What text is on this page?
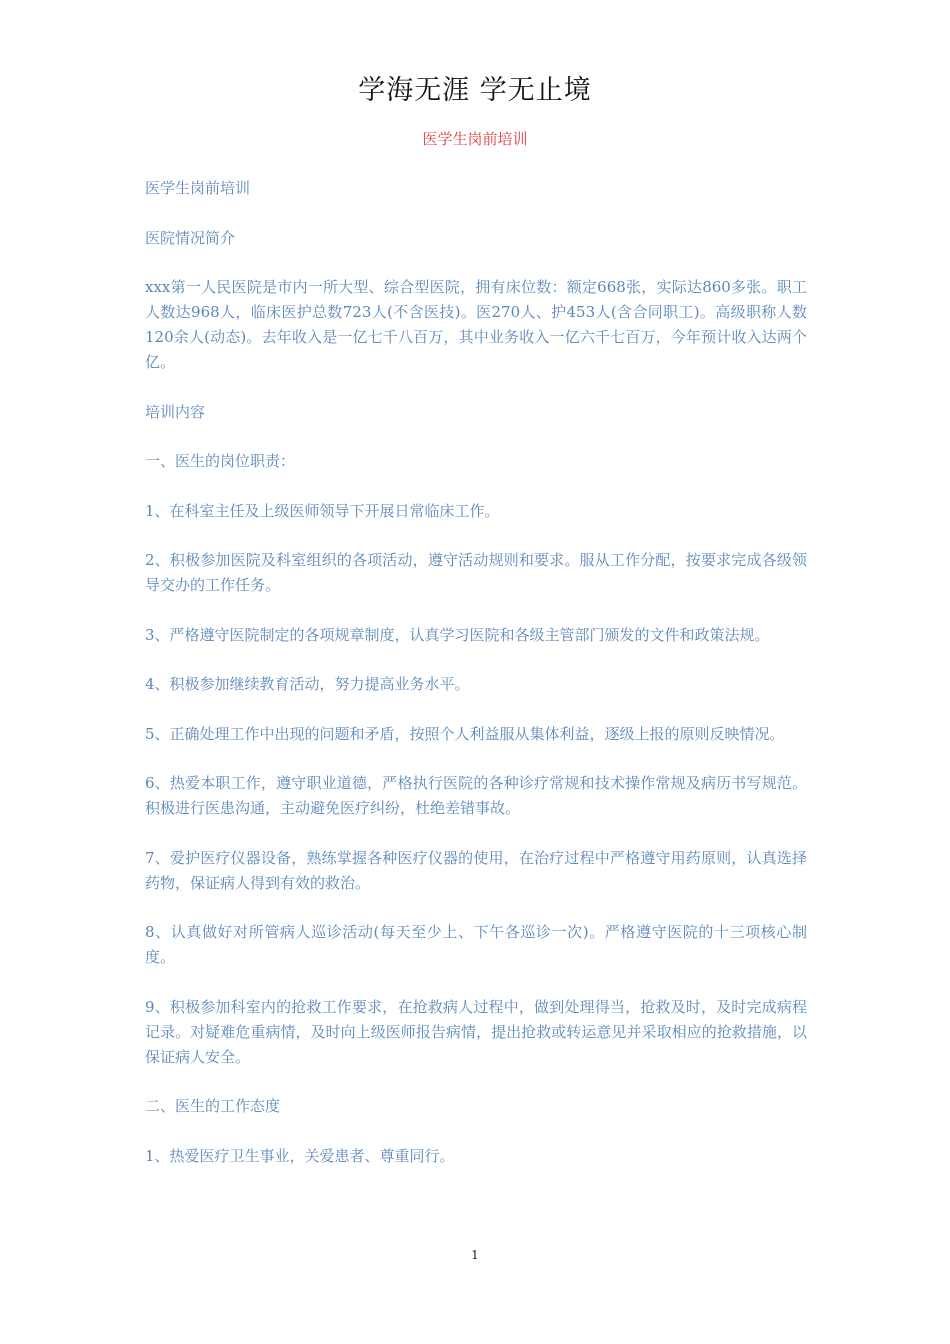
学海无涯 学无止境
医学生岗前培训

医学生岗前培训

医院情况简介

xxx第一人民医院是市内一所大型、综合型医院，拥有床位数：额定668张，实际达860多张。职工人数达968人，临床医护总数723人(不含医技)。医270人、护453人(含合同职工)。高级职称人数120余人(动态)。去年收入是一亿七千八百万，其中业务收入一亿六千七百万，今年预计收入达两个亿。

培训内容

一、医生的岗位职责：

1、在科室主任及上级医师领导下开展日常临床工作。

2、积极参加医院及科室组织的各项活动，遵守活动规则和要求。服从工作分配，按要求完成各级领导交办的工作任务。

3、严格遵守医院制定的各项规章制度，认真学习医院和各级主管部门颁发的文件和政策法规。

4、积极参加继续教育活动，努力提高业务水平。

5、正确处理工作中出现的问题和矛盾，按照个人利益服从集体利益，逐级上报的原则反映情况。

6、热爱本职工作，遵守职业道德，严格执行医院的各种诊疗常规和技术操作常规及病历书写规范。积极进行医患沟通，主动避免医疗纠纷，杜绝差错事故。

7、爱护医疗仪器设备，熟练掌握各种医疗仪器的使用，在治疗过程中严格遵守用药原则，认真选择药物，保证病人得到有效的救治。

8、认真做好对所管病人巡诊活动(每天至少上、下午各巡诊一次)。严格遵守医院的十三项核心制度。

9、积极参加科室内的抢救工作要求，在抢救病人过程中，做到处理得当，抢救及时，及时完成病程记录。对疑难危重病情，及时向上级医师报告病情，提出抢救或转运意见并采取相应的抢救措施，以保证病人安全。

二、医生的工作态度

1、热爱医疗卫生事业，关爱患者、尊重同行。

1
